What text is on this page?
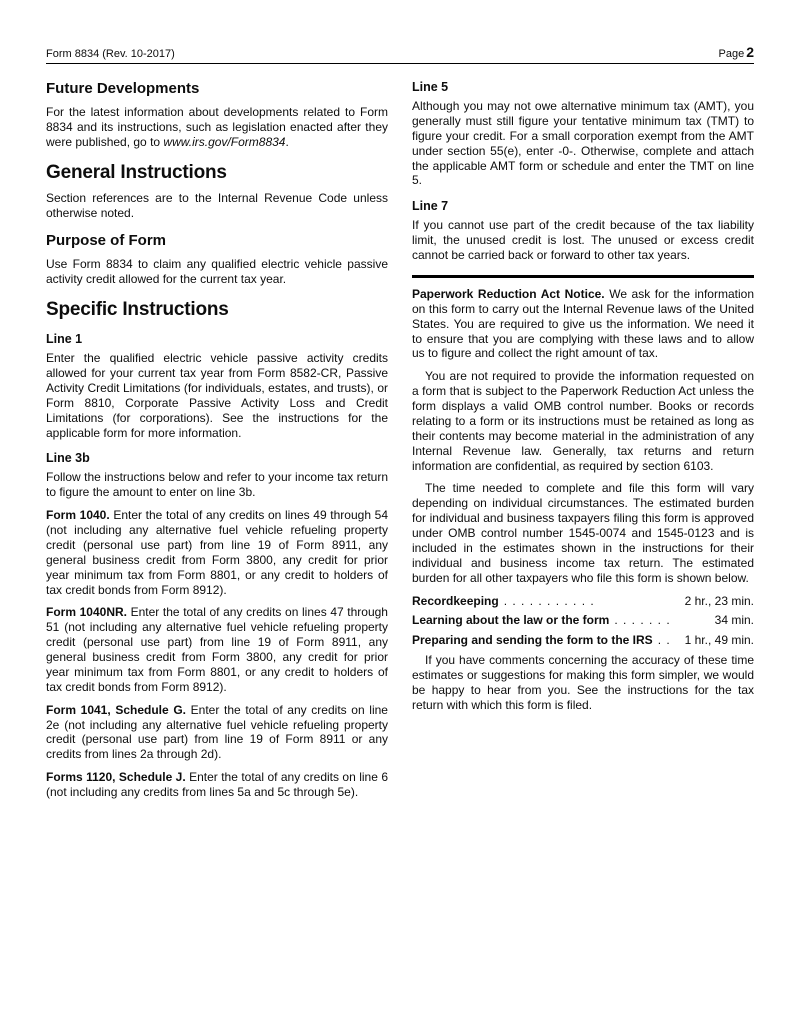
Form 8834 (Rev. 10-2017)	Page 2
Future Developments

For the latest information about developments related to Form 8834 and its instructions, such as legislation enacted after they were published, go to www.irs.gov/Form8834.

General Instructions

Section references are to the Internal Revenue Code unless otherwise noted.

Purpose of Form

Use Form 8834 to claim any qualified electric vehicle passive activity credit allowed for the current tax year.

Specific Instructions
Line 1

Enter the qualified electric vehicle passive activity credits allowed for your current tax year from Form 8582-CR, Passive Activity Credit Limitations (for individuals, estates, and trusts), or Form 8810, Corporate Passive Activity Loss and Credit Limitations (for corporations). See the instructions for the applicable form for more information.

Line 3b

Follow the instructions below and refer to your income tax return to figure the amount to enter on line 3b.

Form 1040. Enter the total of any credits on lines 49 through 54 (not including any alternative fuel vehicle refueling property credit (personal use part) from line 19 of Form 8911, any general business credit from Form 3800, any credit for prior year minimum tax from Form 8801, or any credit to holders of tax credit bonds from Form 8912).

Form 1040NR. Enter the total of any credits on lines 47 through 51 (not including any alternative fuel vehicle refueling property credit (personal use part) from line 19 of Form 8911, any general business credit from Form 3800, any credit for prior year minimum tax from Form 8801, or any credit to holders of tax credit bonds from Form 8912).

Form 1041, Schedule G. Enter the total of any credits on line 2e (not including any alternative fuel vehicle refueling property credit (personal use part) from line 19 of Form 8911 or any credits from lines 2a through 2d).

Forms 1120, Schedule J. Enter the total of any credits on line 6 (not including any credits from lines 5a and 5c through 5e).

Line 5

Although you may not owe alternative minimum tax (AMT), you generally must still figure your tentative minimum tax (TMT) to figure your credit. For a small corporation exempt from the AMT under section 55(e), enter -0-. Otherwise, complete and attach the applicable AMT form or schedule and enter the TMT on line 5.

Line 7

If you cannot use part of the credit because of the tax liability limit, the unused credit is lost. The unused or excess credit cannot be carried back or forward to other tax years.

Paperwork Reduction Act Notice. We ask for the information on this form to carry out the Internal Revenue laws of the United States. You are required to give us the information. We need it to ensure that you are complying with these laws and to allow us to figure and collect the right amount of tax.

You are not required to provide the information requested on a form that is subject to the Paperwork Reduction Act unless the form displays a valid OMB control number. Books or records relating to a form or its instructions must be retained as long as their contents may become material in the administration of any Internal Revenue law. Generally, tax returns and return information are confidential, as required by section 6103.

The time needed to complete and file this form will vary depending on individual circumstances. The estimated burden for individual and business taxpayers filing this form is approved under OMB control number 1545-0074 and 1545-0123 and is included in the estimates shown in the instructions for their individual and business income tax return. The estimated burden for all other taxpayers who file this form is shown below.

Recordkeeping . . . . . . . . . . .	2 hr., 23 min.

Learning about the law or the form . . . . . . .	34 min.

Preparing and sending the form to the IRS . .	1 hr., 49 min.

If you have comments concerning the accuracy of these time estimates or suggestions for making this form simpler, we would be happy to hear from you. See the instructions for the tax return with which this form is filed.
